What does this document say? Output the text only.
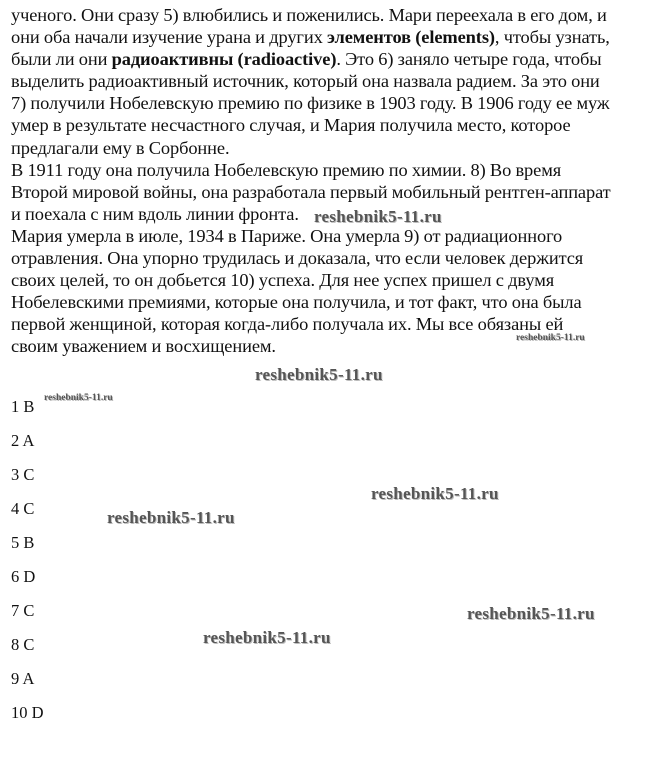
ученого. Они сразу 5) влюбились и поженились. Мари переехала в его дом, и
они оба начали изучение урана и других элементов (elements), чтобы узнать,
были ли они радиоактивны (radioactive). Это 6) заняло четыре года, чтобы
выделить радиоактивный источник, который она назвала радием. За это они
7) получили Нобелевскую премию по физике в 1903 году. В 1906 году ее муж
умер в результате несчастного случая, и Мария получила место, которое
предлагали ему в Сорбонне.
В 1911 году она получила Нобелевскую премию по химии. 8) Во время
Второй мировой войны, она разработала первый мобильный рентген-аппарат
и поехала с ним вдоль линии фронта.
Мария умерла в июле, 1934 в Париже. Она умерла 9) от радиационного
отравления. Она упорно трудилась и доказала, что если человек держится
своих целей, то он добьется 10) успеха. Для нее успех пришел с двумя
Нобелевскими премиями, которые она получила, и тот факт, что она была
первой женщиной, которая когда-либо получала их. Мы все обязаны ей
своим уважением и восхищением.
reshebnik5-11.ru
reshebnik5-11.ru
reshebnik5-11.ru
reshebnik5-11.ru
reshebnik5-11.ru
reshebnik5-11.ru
reshebnik5-11.ru
reshebnik5-11.ru
1 B
2 A
3 C
4 C
5 B
6 D
7 C
8 C
9 A
10 D
